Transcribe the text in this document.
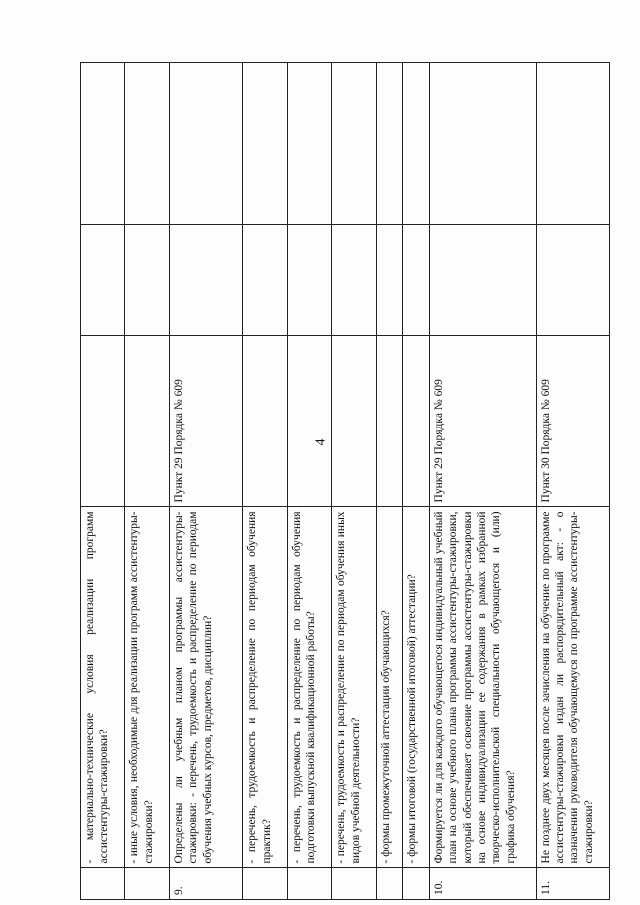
4
	- материально-технические условия реализации программ ассистентуры-стажировки?			
	- иные условия, необходимые для реализации программ ассистентуры-стажировки?			
9.	Определены ли учебным планом программы ассистентуры-стажировки: - перечень, трудоемкость и распределение по периодам обучения учебных курсов, предметов, дисциплин?	Пункт 29 Порядка № 609		
	- перечень, трудоемкость и распределение по периодам обучения практик?			
	- перечень, трудоемкость и распределение по периодам обучения подготовки выпускной квалификационной работы?			
	- перечень, трудоемкость и распределение по периодам обучения иных видов учебной деятельности?			
	- формы промежуточной аттестации обучающихся?			
	- формы итоговой (государственной итоговой) аттестации?			
10.	Формируется ли для каждого обучающегося индивидуальный учебный план на основе учебного плана программы ассистентуры-стажировки, который обеспечивает освоение программы ассистентуры-стажировки на основе индивидуализации ее содержания в рамках избранной творческо-исполнительской специальности обучающегося и (или) графика обучения?	Пункт 29 Порядка № 609		
11.	Не позднее двух месяцев после зачисления на обучение по программе ассистентуры-стажировки издан ли распорядительный акт: - о назначении руководителя обучающемуся по программе ассистентуры-стажировки?	Пункт 30 Порядка № 609		
